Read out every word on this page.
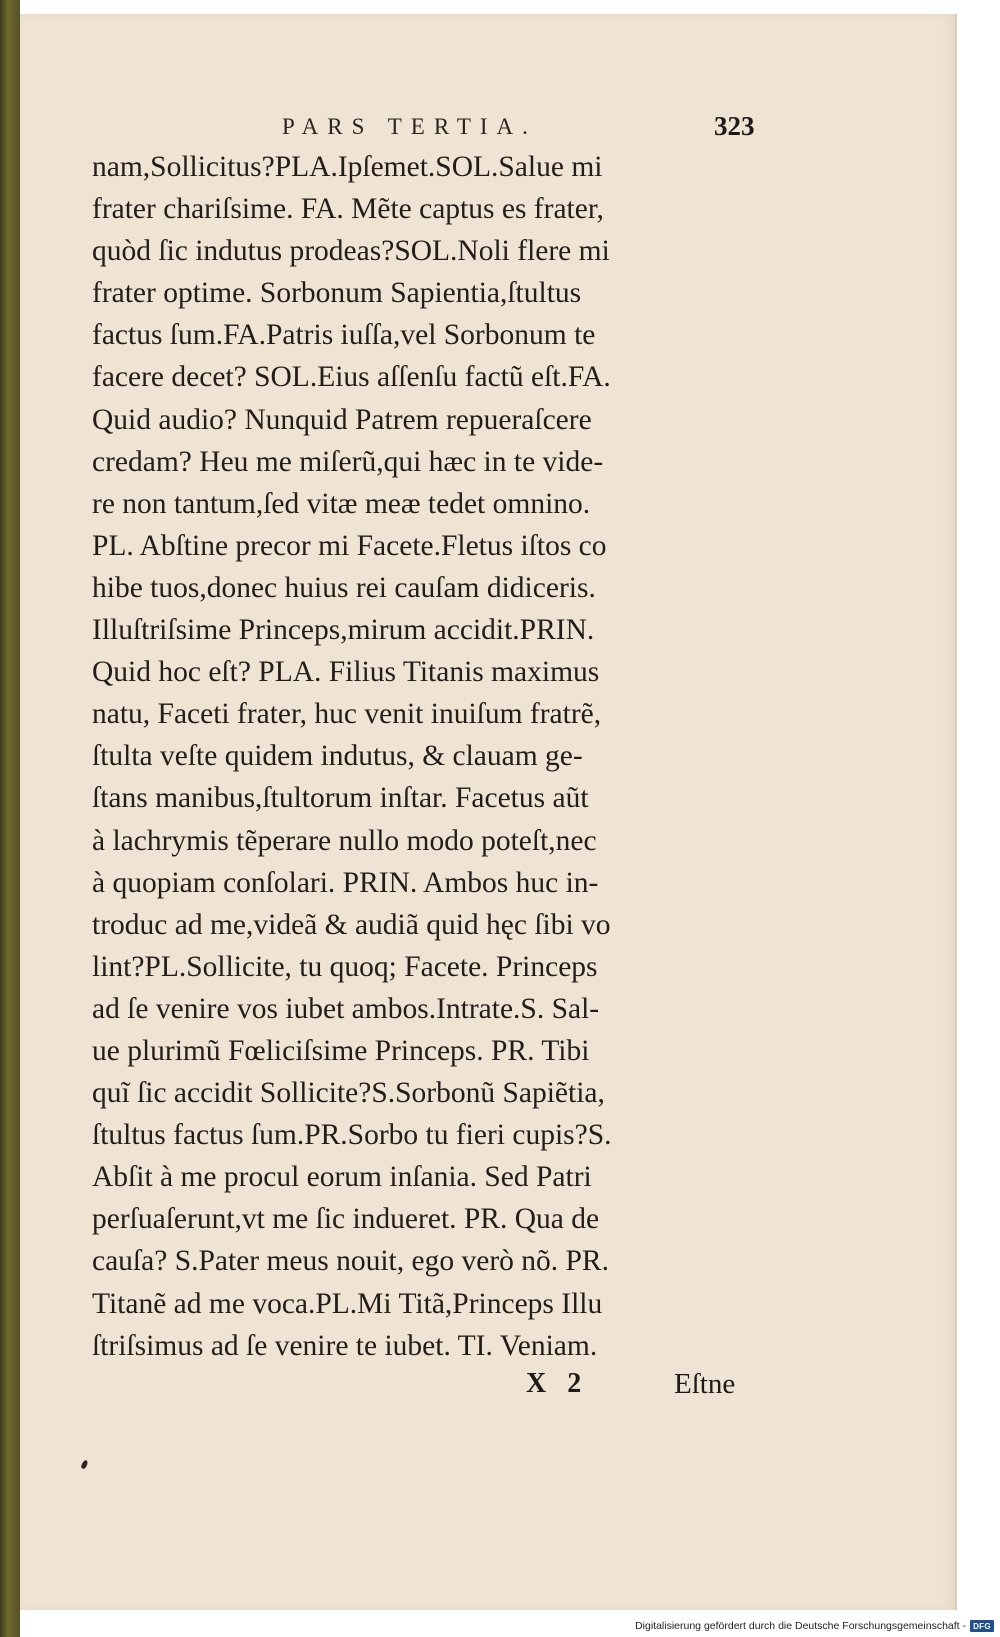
PARS TERTIA.	323
nam,Sollicitus?PLA.Ipſemet.SOL.Salue mi
frater chariſsime. FA. Mẽte captus es frater,
quòd ſic indutus prodeas?SOL.Noli flere mi
frater optime. Sorbonum Sapientia,ſtultus
factus ſum.FA.Patris iuſſa,vel Sorbonum te
facere decet? SOL.Eius aſſenſu factũ eſt.FA.
Quid audio? Nunquid Patrem repueraſcere
credam? Heu me miſerũ,qui hæc in te vide-
re non tantum,ſed vitæ meæ tedet omnino.
PL. Abſtine precor mi Facete.Fletus iſtos co
hibe tuos,donec huius rei cauſam didiceris.
Illuſtriſsime Princeps,mirum accidit.PRIN.
Quid hoc eſt? PLA. Filius Titanis maximus
natu, Faceti frater, huc venit inuiſum fratrẽ,
ſtulta veſte quidem indutus, & clauam ge-
ſtans manibus,ſtultorum inſtar. Facetus aũt
à lachrymis tẽperare nullo modo poteſt,nec
à quopiam conſolari. PRIN. Ambos huc in-
troduc ad me,videã & audiã quid hęc ſibi vo
lint?PL.Sollicite, tu quoq; Facete. Princeps
ad ſe venire vos iubet ambos.Intrate.S. Sal-
ue plurimũ Fœliciſsime Princeps. PR. Tibi
quĩ ſic accidit Sollicite?S.Sorbonũ Sapiẽtia,
ſtultus factus ſum.PR.Sorbo tu fieri cupis?S.
Abſit à me procul eorum inſania. Sed Patri
perſuaſerunt,vt me ſic indueret. PR. Qua de
cauſa? S.Pater meus nouit, ego verò nõ. PR.
Titanẽ ad me voca.PL.Mi Titã,Princeps Illu
ſtriſsimus ad ſe venire te iubet. TI. Veniam.
X 2	Eſtne
Digitalisierung gefördert durch die Deutsche Forschungsgemeinschaft - DFG
